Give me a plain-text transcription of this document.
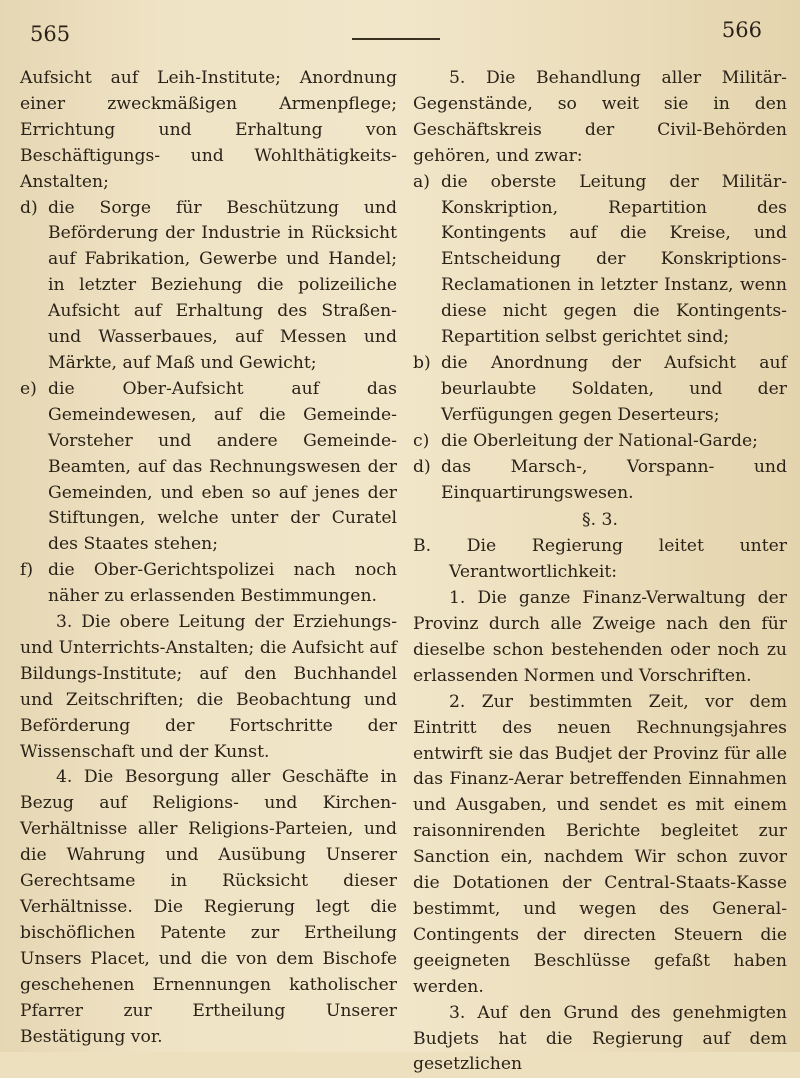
565	566

Aufsicht auf Leih-Institute; Anordnung einer zweckmäßigen Armenpflege; Errichtung und Erhaltung von Beschäftigungs- und Wohlthätigkeits-Anstalten;

d) die Sorge für Beschützung und Beförderung der Industrie in Rücksicht auf Fabrikation, Gewerbe und Handel; in letzter Beziehung die polizeiliche Aufsicht auf Erhaltung des Straßen- und Wasserbaues, auf Messen und Märkte, auf Maß und Gewicht;
e) die Ober-Aufsicht auf das Gemeindewesen, auf die Gemeinde-Vorsteher und andere Gemeinde-Beamten, auf das Rechnungswesen der Gemeinden, und eben so auf jenes der Stiftungen, welche unter der Curatel des Staates stehen;
f) die Ober-Gerichtspolizei nach noch näher zu erlassenden Bestimmungen.

3. Die obere Leitung der Erziehungs- und Unterrichts-Anstalten; die Aufsicht auf Bildungs-Institute; auf den Buchhandel und Zeitschriften; die Beobachtung und Beförderung der Fortschritte der Wissenschaft und der Kunst.

4. Die Besorgung aller Geschäfte in Bezug auf Religions- und Kirchen-Verhältnisse aller Religions-Parteien, und die Wahrung und Ausübung Unserer Gerechtsame in Rücksicht dieser Verhältnisse. Die Regierung legt die bischöflichen Patente zur Ertheilung Unsers Placet, und die von dem Bischofe geschehenen Ernennungen katholischer Pfarrer zur Ertheilung Unserer Bestätigung vor.

5. Die Behandlung aller Militär-Gegenstände, so weit sie in den Geschäftskreis der Civil-Behörden gehören, und zwar:

a) die oberste Leitung der Militär-Konskription, Repartition des Kontingents auf die Kreise, und Entscheidung der Konskriptions-Reclamationen in letzter Instanz, wenn diese nicht gegen die Kontingents-Repartition selbst gerichtet sind;
b) die Anordnung der Aufsicht auf beurlaubte Soldaten, und der Verfügungen gegen Deserteurs;
c) die Oberleitung der National-Garde;
d) das Marsch-, Vorspann- und Einquartirungswesen.

§. 3.

B. Die Regierung leitet unter Verantwortlichkeit:

1. Die ganze Finanz-Verwaltung der Provinz durch alle Zweige nach den für dieselbe schon bestehenden oder noch zu erlassenden Normen und Vorschriften.

2. Zur bestimmten Zeit, vor dem Eintritt des neuen Rechnungsjahres entwirft sie das Budjet der Provinz für alle das Finanz-Aerar betreffenden Einnahmen und Ausgaben, und sendet es mit einem raisonnirenden Berichte begleitet zur Sanction ein, nachdem Wir schon zuvor die Dotationen der Central-Staats-Kasse bestimmt, und wegen des General-Contingents der directen Steuern die geeigneten Beschlüsse gefaßt haben werden.

3. Auf den Grund des genehmigten Budjets hat die Regierung auf dem gesetzlichen
